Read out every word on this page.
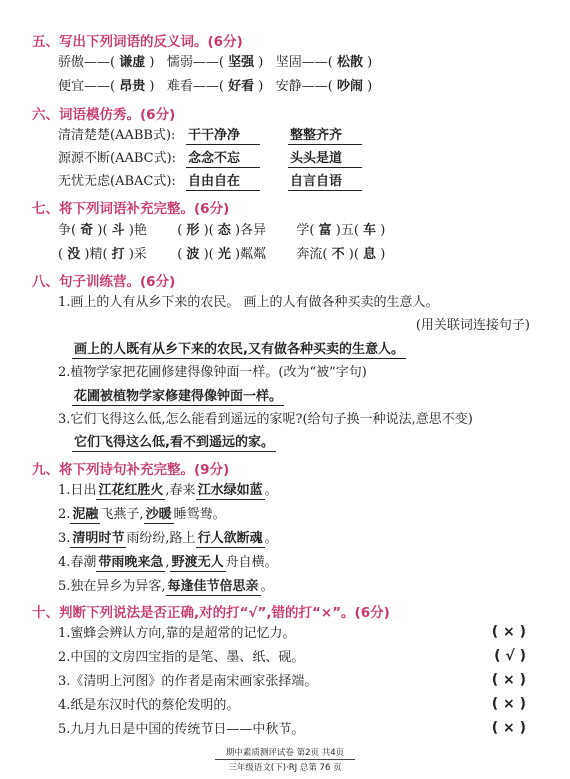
五、写出下列词语的反义词。(6分)
骄傲——( 谦虚 ) 懦弱——( 坚强 ) 坚固——( 松散 )
便宜——( 昂贵 ) 难看——( 好看 ) 安静——( 吵闹 )
六、词语模仿秀。(6分)
清清楚楚(AABB式): 干干净净	整整齐齐
源源不断(AABC式): 念念不忘	头头是道
无忧无虑(ABAC式): 自由自在	自言自语
七、将下列词语补充完整。(6分)
争( 奇 )( 斗 )艳 ( 形 )( 态 )各异 学( 富 )五( 车 )
( 没 )精( 打 )采 ( 波 )( 光 )粼粼 奔流( 不 )( 息 )
八、句子训练营。(6分)
1.画上的人有从乡下来的农民。 画上的人有做各种买卖的生意人。
(用关联词连接句子)
画上的人既有从乡下来的农民,又有做各种买卖的生意人。
2.植物学家把花圃修建得像钟面一样。(改为“被”字句)
花圃被植物学家修建得像钟面一样。
3.它们飞得这么低,怎么能看到遥远的家呢?(给句子换一种说法,意思不变)
它们飞得这么低,看不到遥远的家。
九、将下列诗句补充完整。(9分)
1.日出 江花红胜火 ,春来 江水绿如蓝 。
2. 泥融 飞燕子, 沙暖 睡鸳鸯。
3. 清明时节 雨纷纷,路上 行人欲断魂 。
4.春潮 带雨晚来急 , 野渡无人 舟自横。
5.独在异乡为异客, 每逢佳节倍思亲 。
十、判断下列说法是否正确,对的打“√”,错的打“×”。(6分)
1.蜜蜂会辨认方向,靠的是超常的记忆力。	( × )
2.中国的文房四宝指的是笔、墨、纸、砚。	( √ )
3.《清明上河图》的作者是南宋画家张择端。	( × )
4.纸是东汉时代的蔡伦发明的。	( × )
5.九月九日是中国的传统节日——中秋节。	( × )
期中素质测评试卷 第2页 共4页
三年级语文(下)·RJ 总第 76 页
